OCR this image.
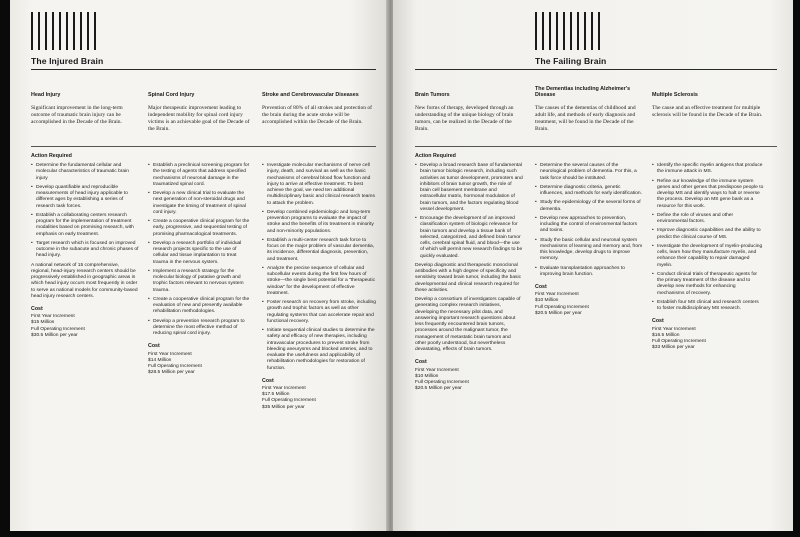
The Injured Brain
Head Injury
Significant improvement in the long-term outcome of traumatic brain injury can be accomplished in the Decade of the Brain.
Spinal Cord Injury
Major therapeutic improvement leading to independent mobility for spinal cord injury victims is an achievable goal of the Decade of the Brain.
Stroke and Cerebrovascular Diseases
Prevention of 80% of all strokes and protection of the brain during the acute stroke will be accomplished within the Decade of the Brain.
Action Required
• Determine the fundamental cellular and molecular characteristics of traumatic brain injury
• Develop quantifiable and reproducible measurements of head injury applicable to different ages by establishing a series of research task forces.
• Establish a collaborating centers research program for the implementation of treatment modalities based on promising research, with emphasis on early treatment.
• Target research which is focused on improved outcome in the subacute and chronic phases of head injury.
A national network of 15 comprehensive, regional, head-injury research centers should be progressively established in geographic areas in which head injury occurs most frequently in order to serve as national models for community-based head injury research centers.
Cost
First Year Increment
$15 Million
Full Operating Increment
$30.5 Million per year
• Establish a preclinical screening program for the testing of agents that address specified mechanisms of neuronal damage in the traumatized spinal cord.
• Develop a new clinical trial to evaluate the next generation of non-steroidal drugs and investigate the timing of treatment of spinal cord injury.
• Create a cooperative clinical program for the early, progressive, and sequential testing of promising pharmacological treatments.
• Develop a research portfolio of individual research projects specific to the use of cellular and tissue implantation to treat trauma in the nervous system.
• Implement a research strategy for the molecular biology of putative growth and trophic factors relevant to nervous system trauma.
• Create a cooperative clinical program for the evaluation of new and presently available rehabilitation methodologies.
• Develop a prevention research program to determine the most effective method of reducing spinal cord injury.
Cost
First Year Increment
$14 Million
Full Operating Increment
$28.5 Million per year
• Investigate molecular mechanisms of nerve cell injury, death, and survival as well as the basic mechanisms of cerebral blood flow function and injury to arrive at effective treatment. To best achieve the goal, we need ten additional multidisciplinary basic and clinical research teams to attack the problem.
• Develop combined epidemiologic and long-term prevention programs to evaluate the impact of stroke and the benefits of its treatment in minority and non-minority populations.
• Establish a multi-center research task force to focus on the major problem of vascular dementia, its incidence, differential diagnosis, prevention, and treatment.
• Analyze the precise sequence of cellular and subcellular events during the first few hours of stroke—the single best potential for a "therapeutic window" for the development of effective treatment.
• Foster research on recovery from stroke, including growth and trophic factors as well as other regulating systems that can accelerate repair and functional recovery.
• Initiate sequential clinical studies to determine the safety and efficacy of new therapies, including intravascular procedures to prevent stroke from bleeding aneurysms and blocked arteries, and to evaluate the usefulness and applicability of rehabilitation methodologies for restoration of function.
Cost
First Year Increment
$17.5 Million
Full Operating Increment
$35 Million per year
The Failing Brain
Brain Tumors
New forms of therapy, developed through an understanding of the unique biology of brain tumors, can be realized in the Decade of the Brain.
The Dementias including Alzheimer's Disease
The causes of the dementias of childhood and adult life, and methods of early diagnosis and treatment, will be found in the Decade of the Brain.
Multiple Sclerosis
The cause and an effective treatment for multiple sclerosis will be found in the Decade of the Brain.
Action Required
• Develop a broad research base of fundamental brain tumor biologic research, including such activities as tumor development, promoters and inhibitors of brain tumor growth, the role of brain cell basement membrane and extracellular matrix, hormonal modulation of brain tumors, and the factors regulating blood vessel development.
• Encourage the development of an improved classification system of biologic relevance for brain tumors and develop a tissue bank of selected, categorized, and defined brain tumor cells, cerebral spinal fluid, and blood—the use of which will permit new research findings to be quickly evaluated.
Develop diagnostic and therapeutic monoclonal antibodies with a high degree of specificity and sensitivity toward brain tumor, including the basic developmental and clinical research required for these activities.
Develop a consortium of investigators capable of generating complex research initiatives, developing the necessary pilot data, and answering important research questions about less frequently encountered brain tumors, processes around the malignant tumor, the management of metastatic brain tumors and other poorly understood, but nevertheless devastating, effects of brain tumors.
Cost
First Year Increment
$10 Million
Full Operating Increment
$20.5 Million per year
• Determine the several causes of the neurological problem of dementia. For this, a task force should be instituted.
• Determine diagnostic criteria, genetic influences, and methods for early identification.
• Study the epidemiology of the several forms of dementia.
• Develop new approaches to prevention, including the control of environmental factors and toxins.
• Study the basic cellular and neuronal system mechanisms of learning and memory and, from this knowledge, develop drugs to improve memory.
• Evaluate transplantation approaches to improving brain function.
Cost
First Year Increment
$10 Million
Full Operating Increment
$20.5 Million per year
• Identify the specific myelin antigens that produce the immune attack in MS.
• Refine our knowledge of the immune system genes and other genes that predispose people to develop MS and identify ways to halt or reverse the process. Develop an MS gene bank as a resource for this work.
• Define the role of viruses and other environmental factors.
• Improve diagnostic capabilities and the ability to predict the clinical course of MS.
• Investigate the development of myelin-producing cells, learn how they manufacture myelin, and enhance their capability to repair damaged myelin.
• Conduct clinical trials of therapeutic agents for the primary treatment of the disease and to develop new methods for enhancing mechanisms of recovery.
• Establish four MS clinical and research centers to foster multidisciplinary MS research.
Cost
First Year Increment
$16.5 Million
Full Operating Increment
$33 Million per year
